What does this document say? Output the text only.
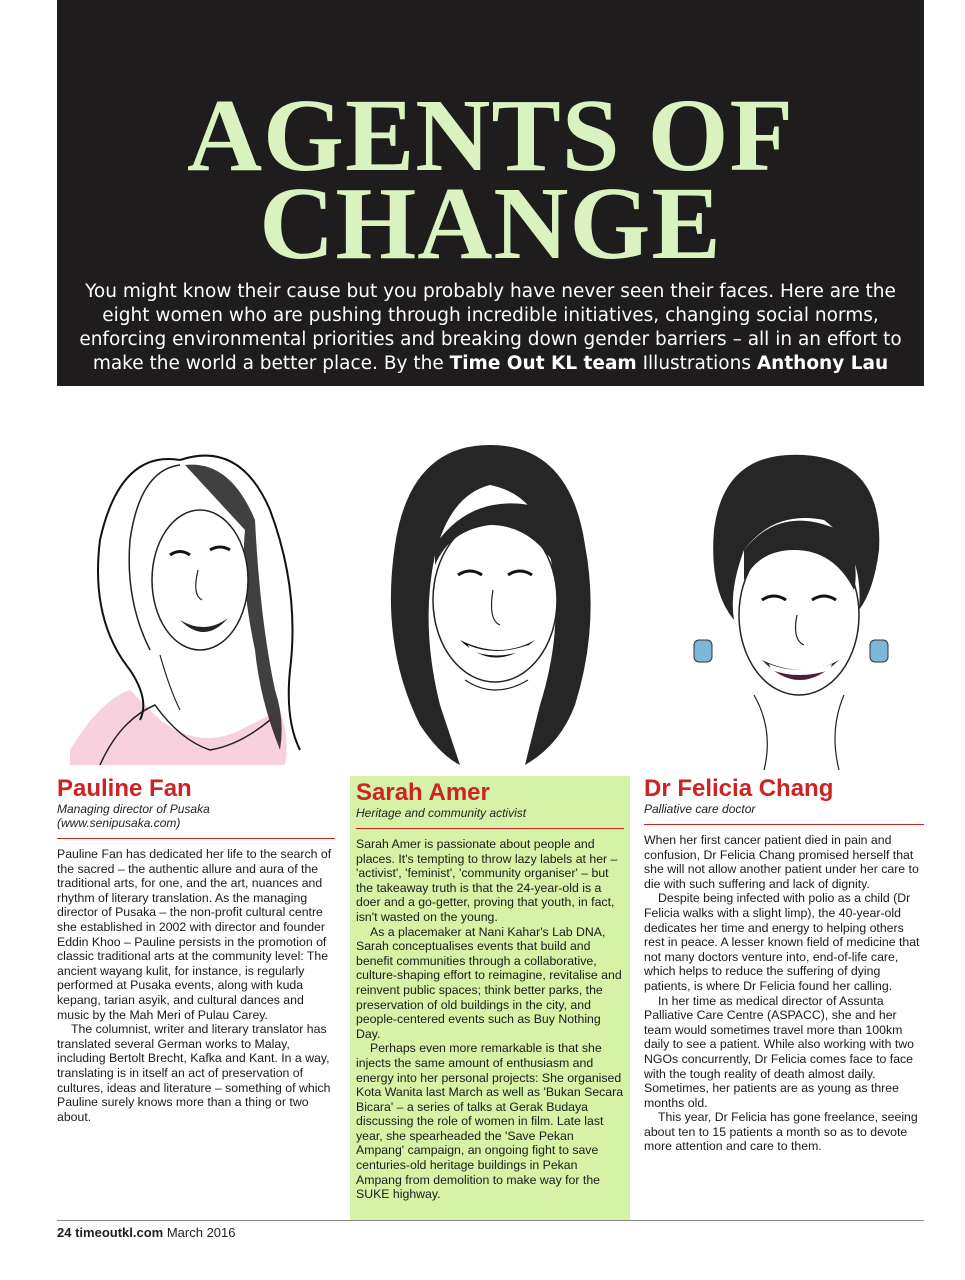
AGENTS OF
CHANGE
You might know their cause but you probably have never seen their faces. Here are the eight women who are pushing through incredible initiatives, changing social norms, enforcing environmental priorities and breaking down gender barriers – all in an effort to make the world a better place. By the Time Out KL team Illustrations Anthony Lau

Pauline Fan

Managing director of Pusaka (www.senipusaka.com)

Pauline Fan has dedicated her life to the search of the sacred – the authentic allure and aura of the traditional arts, for one, and the art, nuances and rhythm of literary translation. As the managing director of Pusaka – the non-profit cultural centre she established in 2002 with director and founder Eddin Khoo – Pauline persists in the promotion of classic traditional arts at the community level: The ancient wayang kulit, for instance, is regularly performed at Pusaka events, along with kuda kepang, tarian asyik, and cultural dances and music by the Mah Meri of Pulau Carey.

The columnist, writer and literary translator has translated several German works to Malay, including Bertolt Brecht, Kafka and Kant. In a way, translating is in itself an act of preservation of cultures, ideas and literature – something of which Pauline surely knows more than a thing or two about.

Sarah Amer

Heritage and community activist

Sarah Amer is passionate about people and places. It's tempting to throw lazy labels at her – 'activist', 'feminist', 'community organiser' – but the takeaway truth is that the 24-year-old is a doer and a go-getter, proving that youth, in fact, isn't wasted on the young.

As a placemaker at Nani Kahar's Lab DNA, Sarah conceptualises events that build and benefit communities through a collaborative, culture-shaping effort to reimagine, revitalise and reinvent public spaces; think better parks, the preservation of old buildings in the city, and people-centered events such as Buy Nothing Day.

Perhaps even more remarkable is that she injects the same amount of enthusiasm and energy into her personal projects: She organised Kota Wanita last March as well as 'Bukan Secara Bicara' – a series of talks at Gerak Budaya discussing the role of women in film. Late last year, she spearheaded the 'Save Pekan Ampang' campaign, an ongoing fight to save centuries-old heritage buildings in Pekan Ampang from demolition to make way for the SUKE highway.

Dr Felicia Chang

Palliative care doctor

When her first cancer patient died in pain and confusion, Dr Felicia Chang promised herself that she will not allow another patient under her care to die with such suffering and lack of dignity.

Despite being infected with polio as a child (Dr Felicia walks with a slight limp), the 40-year-old dedicates her time and energy to helping others rest in peace. A lesser known field of medicine that not many doctors venture into, end-of-life care, which helps to reduce the suffering of dying patients, is where Dr Felicia found her calling.

In her time as medical director of Assunta Palliative Care Centre (ASPACC), she and her team would sometimes travel more than 100km daily to see a patient. While also working with two NGOs concurrently, Dr Felicia comes face to face with the tough reality of death almost daily. Sometimes, her patients are as young as three months old.

This year, Dr Felicia has gone freelance, seeing about ten to 15 patients a month so as to devote more attention and care to them.

24 timeoutkl.com March 2016
